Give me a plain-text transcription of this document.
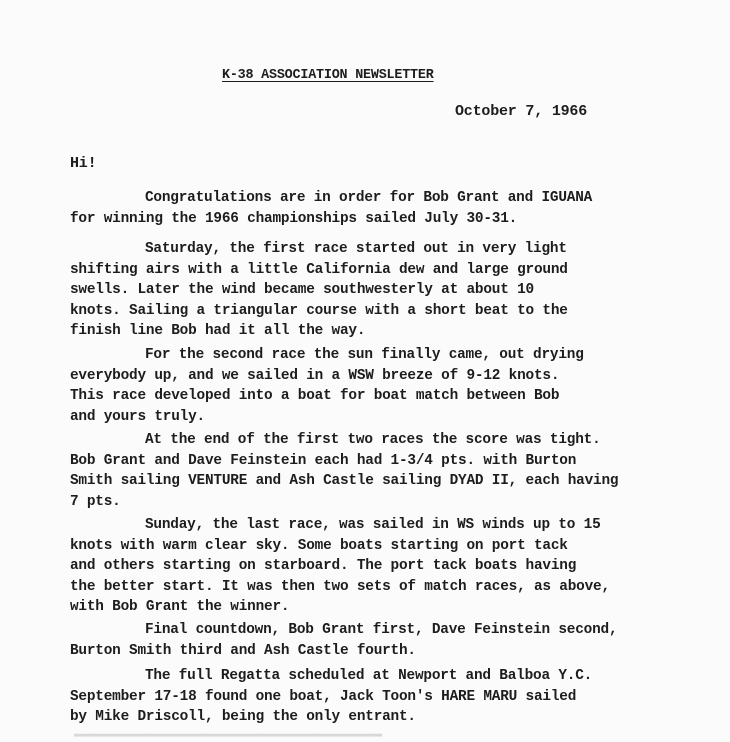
K-38 ASSOCIATION NEWSLETTER
October 7, 1966
Hi!
Congratulations are in order for Bob Grant and IGUANA
for winning the 1966 championships sailed July 30-31.
Saturday, the first race started out in very light
shifting airs with a little California dew and large ground
swells. Later the wind became southwesterly at about 10
knots. Sailing a triangular course with a short beat to the
finish line Bob had it all the way.
For the second race the sun finally came, out drying
everybody up, and we sailed in a WSW breeze of 9-12 knots.
This race developed into a boat for boat match between Bob
and yours truly.
At the end of the first two races the score was tight.
Bob Grant and Dave Feinstein each had 1-3/4 pts. with Burton
Smith sailing VENTURE and Ash Castle sailing DYAD II, each having
7 pts.
Sunday, the last race, was sailed in WS winds up to 15
knots with warm clear sky. Some boats starting on port tack
and others starting on starboard. The port tack boats having
the better start. It was then two sets of match races, as above,
with Bob Grant the winner.
Final countdown, Bob Grant first, Dave Feinstein second,
Burton Smith third and Ash Castle fourth.
The full Regatta scheduled at Newport and Balboa Y.C.
September 17-18 found one boat, Jack Toon's HARE MARU sailed
by Mike Driscoll, being the only entrant.
▬▬▬▬▬▬▬▬▬▬▬▬▬▬▬▬▬▬▬▬▬▬▬▬▬▬▬▬▬▬▬▬▬▬▬▬▬▬▬▬▬▬▬▬
